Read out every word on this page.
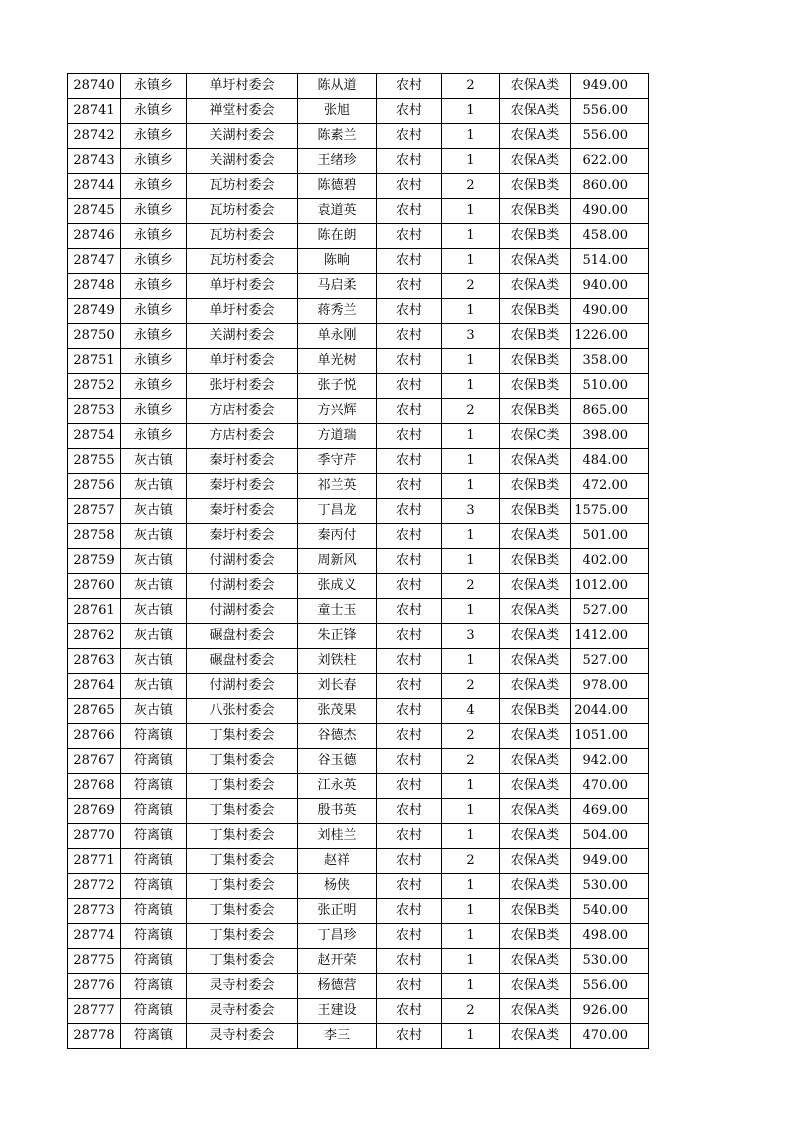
28740	永镇乡	单圩村委会	陈从道	农村	2	农保A类	949.00
28741	永镇乡	禅堂村委会	张旭	农村	1	农保A类	556.00
28742	永镇乡	关湖村委会	陈素兰	农村	1	农保A类	556.00
28743	永镇乡	关湖村委会	王绪珍	农村	1	农保A类	622.00
28744	永镇乡	瓦坊村委会	陈德碧	农村	2	农保B类	860.00
28745	永镇乡	瓦坊村委会	袁道英	农村	1	农保B类	490.00
28746	永镇乡	瓦坊村委会	陈在朗	农村	1	农保B类	458.00
28747	永镇乡	瓦坊村委会	陈晌	农村	1	农保A类	514.00
28748	永镇乡	单圩村委会	马启柔	农村	2	农保A类	940.00
28749	永镇乡	单圩村委会	蒋秀兰	农村	1	农保B类	490.00
28750	永镇乡	关湖村委会	单永刚	农村	3	农保B类	1226.00
28751	永镇乡	单圩村委会	单光树	农村	1	农保B类	358.00
28752	永镇乡	张圩村委会	张子悦	农村	1	农保B类	510.00
28753	永镇乡	方店村委会	方兴辉	农村	2	农保B类	865.00
28754	永镇乡	方店村委会	方道瑞	农村	1	农保C类	398.00
28755	灰古镇	秦圩村委会	季守芹	农村	1	农保A类	484.00
28756	灰古镇	秦圩村委会	祁兰英	农村	1	农保B类	472.00
28757	灰古镇	秦圩村委会	丁昌龙	农村	3	农保B类	1575.00
28758	灰古镇	秦圩村委会	秦丙付	农村	1	农保A类	501.00
28759	灰古镇	付湖村委会	周新风	农村	1	农保B类	402.00
28760	灰古镇	付湖村委会	张成义	农村	2	农保A类	1012.00
28761	灰古镇	付湖村委会	童士玉	农村	1	农保A类	527.00
28762	灰古镇	碾盘村委会	朱正锋	农村	3	农保A类	1412.00
28763	灰古镇	碾盘村委会	刘铁柱	农村	1	农保A类	527.00
28764	灰古镇	付湖村委会	刘长春	农村	2	农保A类	978.00
28765	灰古镇	八张村委会	张茂果	农村	4	农保B类	2044.00
28766	符离镇	丁集村委会	谷德杰	农村	2	农保A类	1051.00
28767	符离镇	丁集村委会	谷玉德	农村	2	农保A类	942.00
28768	符离镇	丁集村委会	江永英	农村	1	农保A类	470.00
28769	符离镇	丁集村委会	殷书英	农村	1	农保A类	469.00
28770	符离镇	丁集村委会	刘桂兰	农村	1	农保A类	504.00
28771	符离镇	丁集村委会	赵祥	农村	2	农保A类	949.00
28772	符离镇	丁集村委会	杨侠	农村	1	农保A类	530.00
28773	符离镇	丁集村委会	张正明	农村	1	农保B类	540.00
28774	符离镇	丁集村委会	丁昌珍	农村	1	农保B类	498.00
28775	符离镇	丁集村委会	赵开荣	农村	1	农保A类	530.00
28776	符离镇	灵寺村委会	杨德营	农村	1	农保A类	556.00
28777	符离镇	灵寺村委会	王建设	农村	2	农保A类	926.00
28778	符离镇	灵寺村委会	李三	农村	1	农保A类	470.00
